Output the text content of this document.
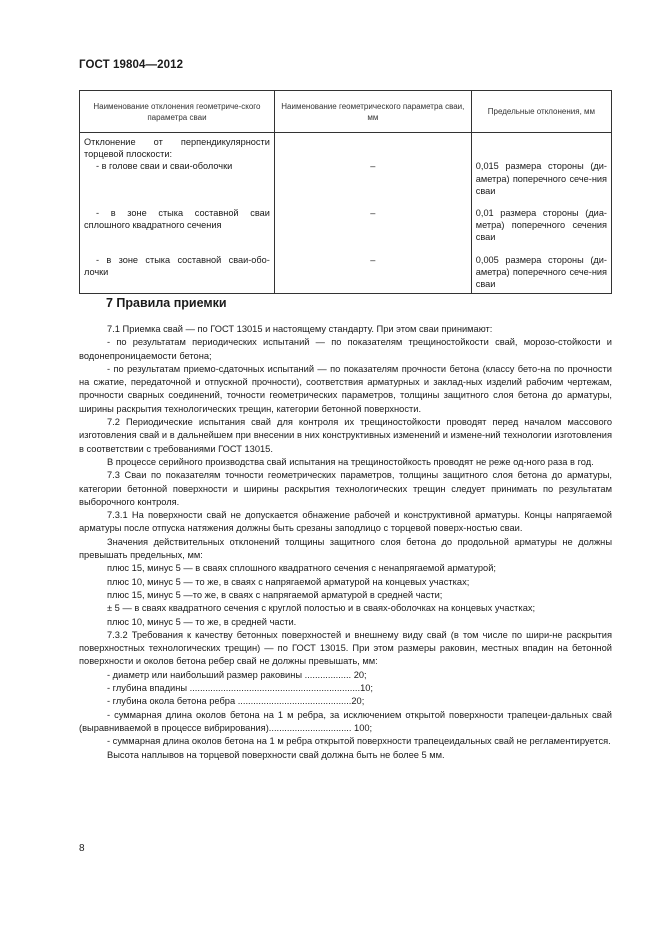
ГОСТ 19804—2012
Наименование отклонения геометриче-ского параметра сваи	Наименование геометрического параметра сваи, мм	Предельные отклонения, мм
Отклонение от перпендикулярности торцевой плоскости:		
- в голове сваи и сваи-оболочки	–	0,015 размера стороны (ди-аметра) поперечного сече-ния сваи
- в зоне стыка составной сваи сплошного квадратного сечения	–	0,01 размера стороны (диа-метра) поперечного сечения сваи
- в зоне стыка составной сваи-обо-лочки	–	0,005 размера стороны (ди-аметра) поперечного сече-ния сваи
7 Правила приемки

7.1 Приемка свай — по ГОСТ 13015 и настоящему стандарту. При этом сваи принимают:

- по результатам периодических испытаний — по показателям трещиностойкости свай, морозо-стойкости и водонепроницаемости бетона;

- по результатам приемо-сдаточных испытаний — по показателям прочности бетона (классу бето-на по прочности на сжатие, передаточной и отпускной прочности), соответствия арматурных и заклад-ных изделий рабочим чертежам, прочности сварных соединений, точности геометрических параметров, толщины защитного слоя бетона до арматуры, ширины раскрытия технологических трещин, категории бетонной поверхности.

7.2 Периодические испытания свай для контроля их трещиностойкости проводят перед началом массового изготовления свай и в дальнейшем при внесении в них конструктивных изменений и измене-ний технологии изготовления в соответствии с требованиями ГОСТ 13015.

В процессе серийного производства свай испытания на трещиностойкость проводят не реже од-ного раза в год.

7.3 Сваи по показателям точности геометрических параметров, толщины защитного слоя бетона до арматуры, категории бетонной поверхности и ширины раскрытия технологических трещин следует принимать по результатам выборочного контроля.

7.3.1 На поверхности свай не допускается обнажение рабочей и конструктивной арматуры. Концы напрягаемой арматуры после отпуска натяжения должны быть срезаны заподлицо с торцевой поверх-ностью сваи.

Значения действительных отклонений толщины защитного слоя бетона до продольной арматуры не должны превышать предельных, мм:

плюс 15, минус 5 — в сваях сплошного квадратного сечения с ненапрягаемой арматурой;

плюс 10, минус 5 — то же, в сваях с напрягаемой арматурой на концевых участках;

плюс 15, минус 5 —то же, в сваях с напрягаемой арматурой в средней части;

± 5 — в сваях квадратного сечения с круглой полостью и в сваях-оболочках на концевых участках;

плюс 10, минус 5 — то же, в средней части.

7.3.2 Требования к качеству бетонных поверхностей и внешнему виду свай (в том числе по шири-не раскрытия поверхностных технологических трещин) — по ГОСТ 13015. При этом размеры раковин, местных впадин на бетонной поверхности и околов бетона ребер свай не должны превышать, мм:

- диаметр или наибольший размер раковины .................. 20;

- глубина впадины ..................................................................10;

- глубина окола бетона ребра ............................................20;

- суммарная длина околов бетона на 1 м ребра, за исключением открытой поверхности трапецеи-дальных свай (выравниваемой в процессе вибрирования)................................ 100;

- суммарная длина околов бетона на 1 м ребра открытой поверхности трапецеидальных свай не регламентируется.

Высота наплывов на торцевой поверхности свай должна быть не более 5 мм.

8
